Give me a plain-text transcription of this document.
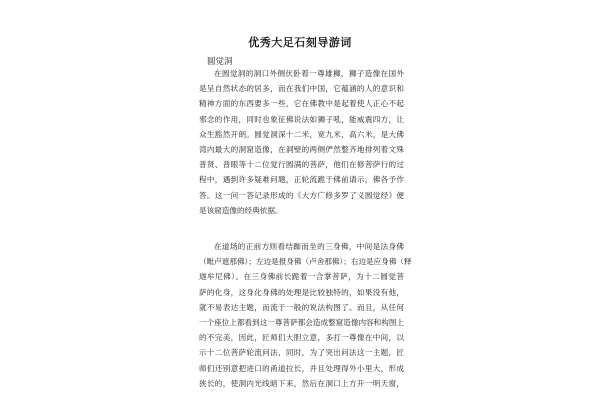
优秀大足石刻导游词
圆觉洞
在圆觉洞的洞口外侧伏卧着一尊雄狮，狮子造像在国外
是呈自然状态的居多，而在我们中国，它蕴涵的人的意识和
精神方面的东西要多一些，它在佛教中是起着使人正心不起
邪念的作用，同时也象征佛说法如狮子吼，能威震四方，让
众生豁然开朗。圆觉洞深十二米，宽九米，高六米，是大佛
湾内最大的洞窟造像，在洞壁的两侧俨然整齐地排列着文殊
普贤、普眼等十二位觉行圆满的菩萨，他们在修菩萨行的过
程中，遇到许多疑难问题，正轮流跪于佛前请示，佛各予作
答。这一问一答记录形成的《大方广修多罗了义圆觉经》便
是该窟造像的经典依据。
在道场的正前方则看结跏而坐的三身佛，中间是法身佛
（毗卢遮那佛）；左边是报身佛（卢舍那佛）；右边是应身佛（释
迦牟尼佛）。在三身佛前长跪着一合掌菩萨，为十二圆觉菩
萨的化身，这身化身佛的处理是比较独特的，如果没有他，
就不易表达主题，而流于一般的说法构图了。而且，从任何
一个座位上都看到这一尊菩萨都会造成整窟造像内容和构图上
的不完美，因此，匠师们大胆立意，多打一尊像在中间，以
示十二位菩萨轮流问法，同时，为了突出问法这一主题，匠
师们还别意把进口的甬道拉长，并且处理得外小里大，形成
狭长的，使洞内光线暗下来，然后在洞口上方开一明天窗，
